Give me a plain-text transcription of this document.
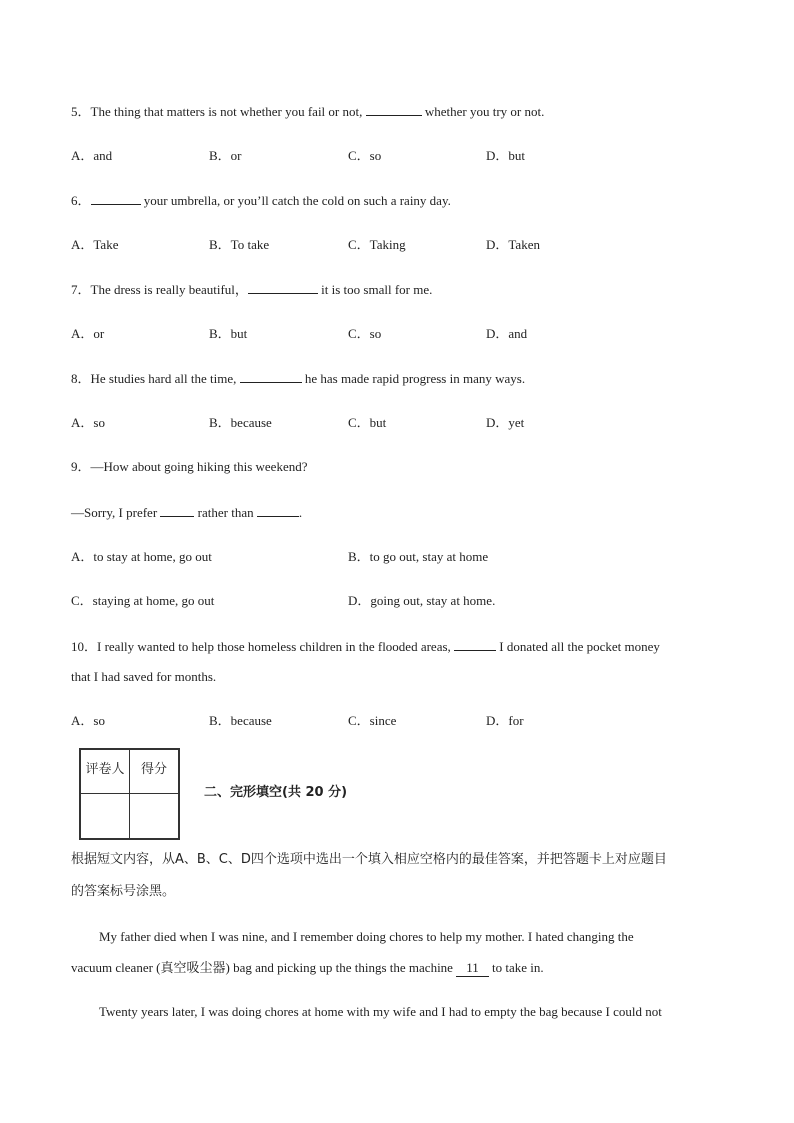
5．The thing that matters is not whether you fail or not,	whether you try or not.
A．and	B．or	C．so	D．but
6．	your umbrella, or you’ll catch the cold on such a rainy day.
A．Take	B．To take	C．Taking	D．Taken
7．The dress is really beautiful，	it is too small for me.
A．or	B．but	C．so	D．and
8．He studies hard all the time,	he has made rapid progress in many ways.
A．so	B．because	C．but	D．yet
9．—How about going hiking this weekend?
—Sorry, I prefer	rather than	.
A．to stay at home, go out	B．to go out, stay at home
C．staying at home, go out	D．going out, stay at home.
10．I really wanted to help those homeless children in the flooded areas,	I donated all the pocket money
that I had saved for months.
A．so	B．because	C．since	D．for
评卷人	得分

二、完形填空(共 20 分)
根据短文内容，从A、B、C、D四个选项中选出一个填入相应空格内的最佳答案，并把答题卡上对应题目
的答案标号涂黑。
My father died when I was nine, and I remember doing chores to help my mother. I hated changing the
vacuum cleaner (真空吸尘器) bag and picking up the things the machine 11 to take in.
Twenty years later, I was doing chores at home with my wife and I had to empty the bag because I could not
